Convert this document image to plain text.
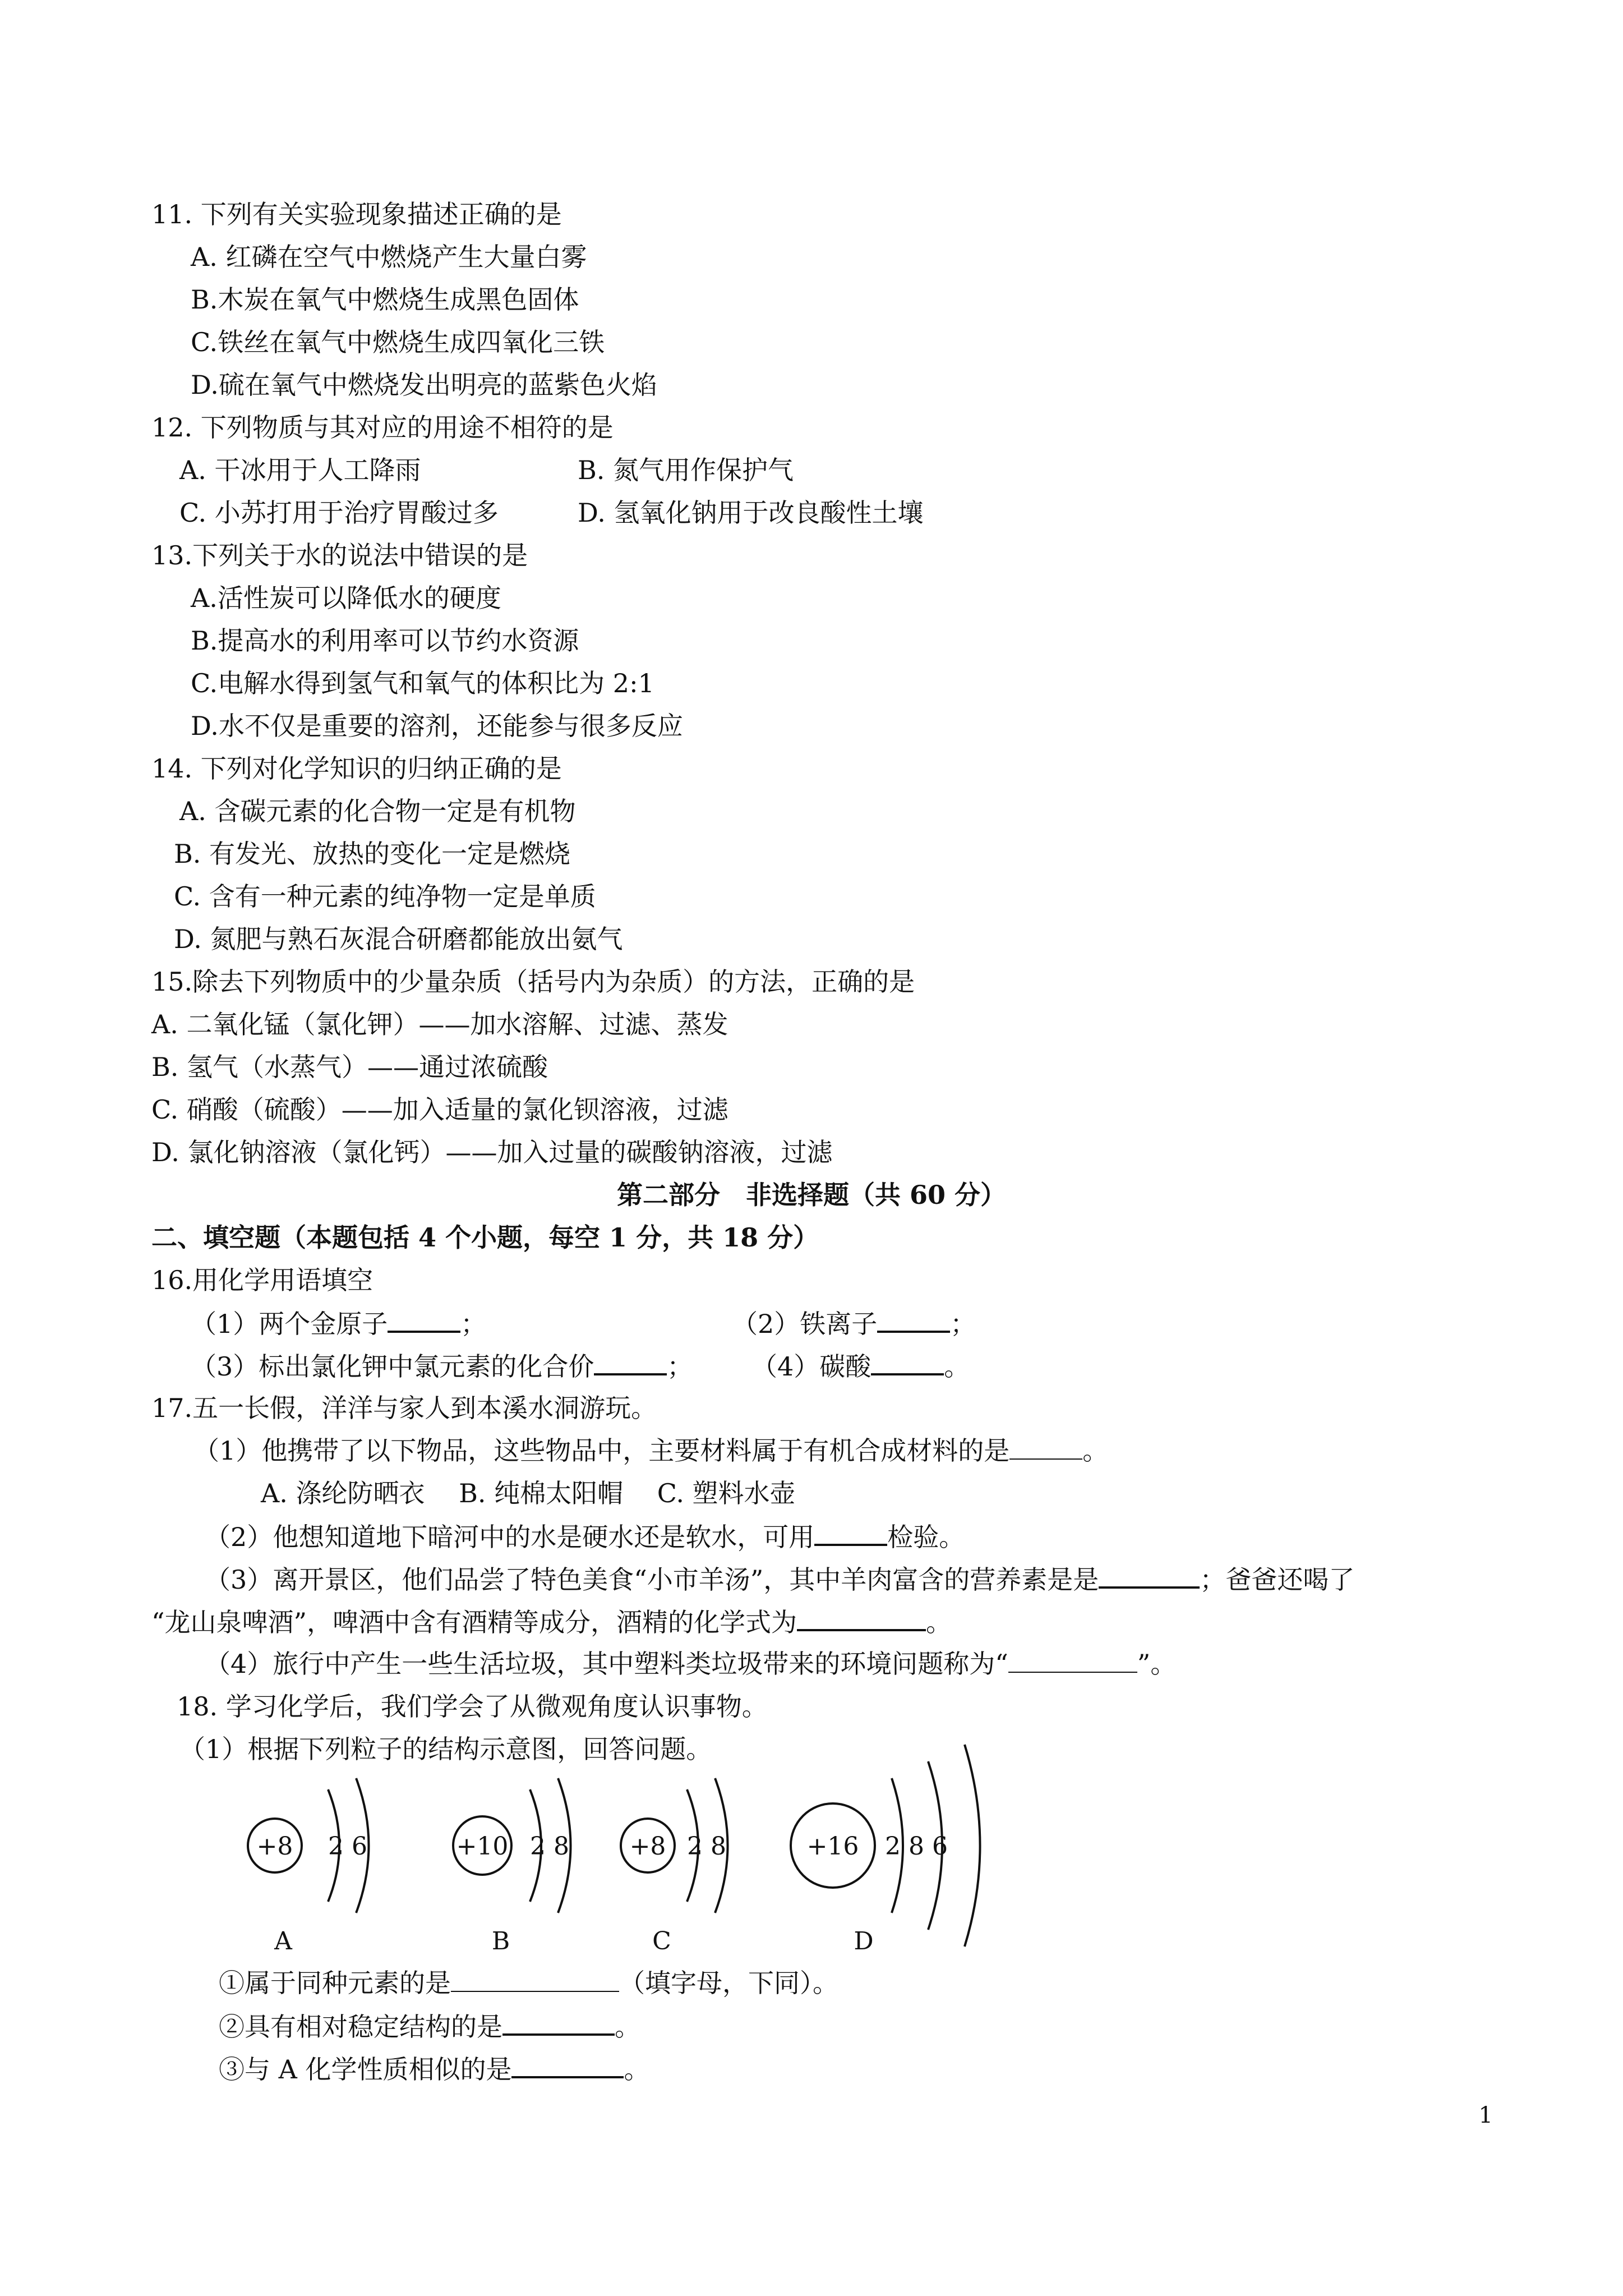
11. 下列有关实验现象描述正确的是
A. 红磷在空气中燃烧产生大量白雾
B.木炭在氧气中燃烧生成黑色固体
C.铁丝在氧气中燃烧生成四氧化三铁
D.硫在氧气中燃烧发出明亮的蓝紫色火焰
12. 下列物质与其对应的用途不相符的是
A. 干冰用于人工降雨	B. 氮气用作保护气
C. 小苏打用于治疗胃酸过多	D. 氢氧化钠用于改良酸性土壤
13.下列关于水的说法中错误的是
A.活性炭可以降低水的硬度
B.提高水的利用率可以节约水资源
C.电解水得到氢气和氧气的体积比为 2:1
D.水不仅是重要的溶剂，还能参与很多反应
14. 下列对化学知识的归纳正确的是
A. 含碳元素的化合物一定是有机物
B. 有发光、放热的变化一定是燃烧
C. 含有一种元素的纯净物一定是单质
D. 氮肥与熟石灰混合研磨都能放出氨气
15.除去下列物质中的少量杂质（括号内为杂质）的方法，正确的是
A. 二氧化锰（氯化钾）——加水溶解、过滤、蒸发
B. 氢气（水蒸气）——通过浓硫酸
C. 硝酸（硫酸）——加入适量的氯化钡溶液，过滤
D. 氯化钠溶液（氯化钙）——加入过量的碳酸钠溶液，过滤
第二部分　非选择题（共 60 分）
二、填空题（本题包括 4 个小题，每空 1 分，共 18 分）
16.用化学用语填空
（1）两个金原子	；	（2）铁离子	；
（3）标出氯化钾中氯元素的化合价	； （4）碳酸	。
17.五一长假，洋洋与家人到本溪水洞游玩。
（1）他携带了以下物品，这些物品中，主要材料属于有机合成材料的是	。
A. 涤纶防晒衣　 B. 纯棉太阳帽　 C. 塑料水壶
（2）他想知道地下暗河中的水是硬水还是软水，可用	检验。
（3）离开景区，他们品尝了特色美食“小市羊汤”，其中羊肉富含的营养素是是	；爸爸还喝了
“龙山泉啤酒”，啤酒中含有酒精等成分，酒精的化学式为	。
（4）旅行中产生一些生活垃圾，其中塑料类垃圾带来的环境问题称为“	”。
18. 学习化学后，我们学会了从微观角度认识事物。
（1）根据下列粒子的结构示意图，回答问题。
+8 2 6
A
+10 2 8
B
+8 2 8
C
+16 2 8 6
D
①属于同种元素的是	（填字母，下同）。
②具有相对稳定结构的是	。
③与 A 化学性质相似的是	。
1
